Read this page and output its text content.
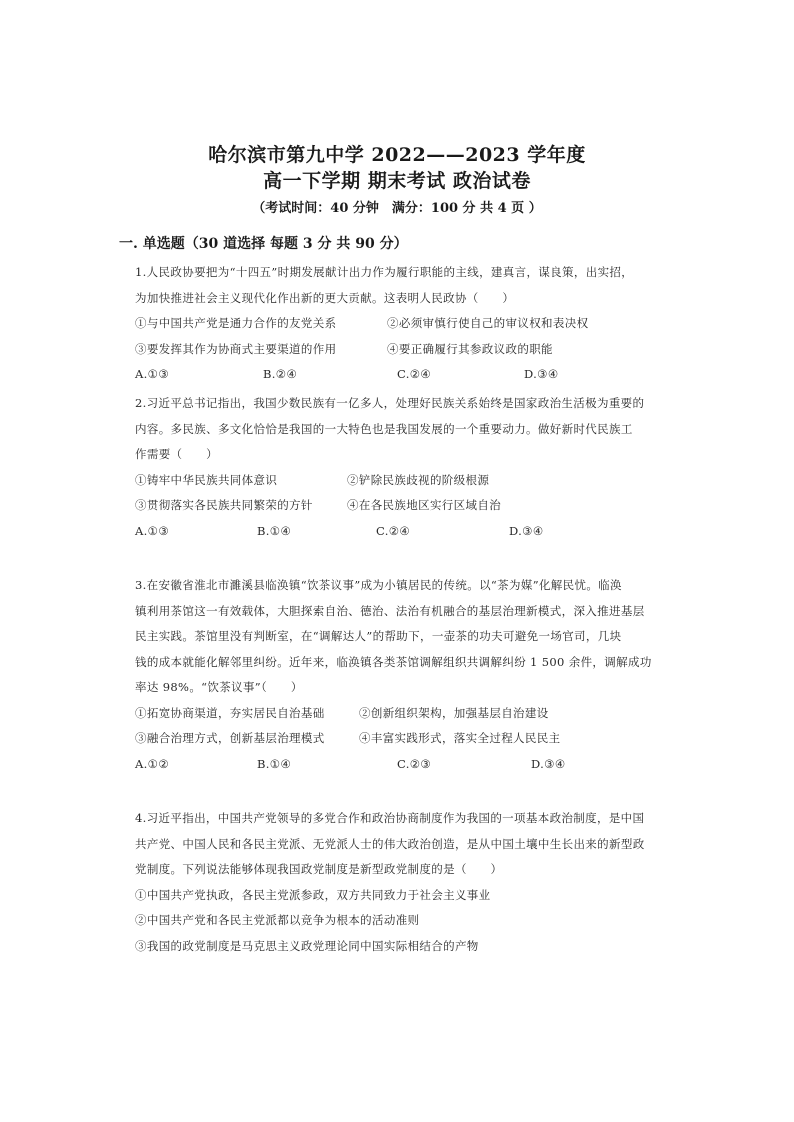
哈尔滨市第九中学 2022——2023 学年度
高一下学期 期末考试 政治试卷
（考试时间：40 分钟　满分：100 分 共 4 页 ）
一. 单选题（30 道选择 每题 3 分 共 90 分）

1.人民政协要把为“十四五”时期发展献计出力作为履行职能的主线，建真言，谋良策，出实招，

为加快推进社会主义现代化作出新的更大贡献。这表明人民政协（　　）

①与中国共产党是通力合作的友党关系	②必须审慎行使自己的审议权和表决权
③要发挥其作为协商式主要渠道的作用	④要正确履行其参政议政的职能
A.①③	B.②④	C.②④	D.③④

2.习近平总书记指出，我国少数民族有一亿多人，处理好民族关系始终是国家政治生活极为重要的

内容。多民族、多文化恰恰是我国的一大特色也是我国发展的一个重要动力。做好新时代民族工

作需要（　　）

①铸牢中华民族共同体意识	②铲除民族歧视的阶级根源
③贯彻落实各民族共同繁荣的方针	④在各民族地区实行区域自治
A.①③	B.①④	C.②④	D.③④

3.在安徽省淮北市濉溪县临涣镇“饮茶议事”成为小镇居民的传统。以“茶为媒”化解民忧。临涣

镇利用茶馆这一有效载体，大胆探索自治、德治、法治有机融合的基层治理新模式，深入推进基层

民主实践。茶馆里没有判断室，在“调解达人”的帮助下，一壶茶的功夫可避免一场官司，几块

钱的成本就能化解邻里纠纷。近年来，临涣镇各类茶馆调解组织共调解纠纷 1 500 余件，调解成功

率达 98%。“饮茶议事”（　　）

①拓宽协商渠道，夯实居民自治基础	②创新组织架构，加强基层自治建设
③融合治理方式，创新基层治理模式	④丰富实践形式，落实全过程人民民主
A.①②	B.①④	C.②③	D.③④

4.习近平指出，中国共产党领导的多党合作和政治协商制度作为我国的一项基本政治制度，是中国

共产党、中国人民和各民主党派、无党派人士的伟大政治创造，是从中国土壤中生长出来的新型政

党制度。下列说法能够体现我国政党制度是新型政党制度的是（　　）

①中国共产党执政，各民主党派参政，双方共同致力于社会主义事业

②中国共产党和各民主党派都以竞争为根本的活动准则

③我国的政党制度是马克思主义政党理论同中国实际相结合的产物
